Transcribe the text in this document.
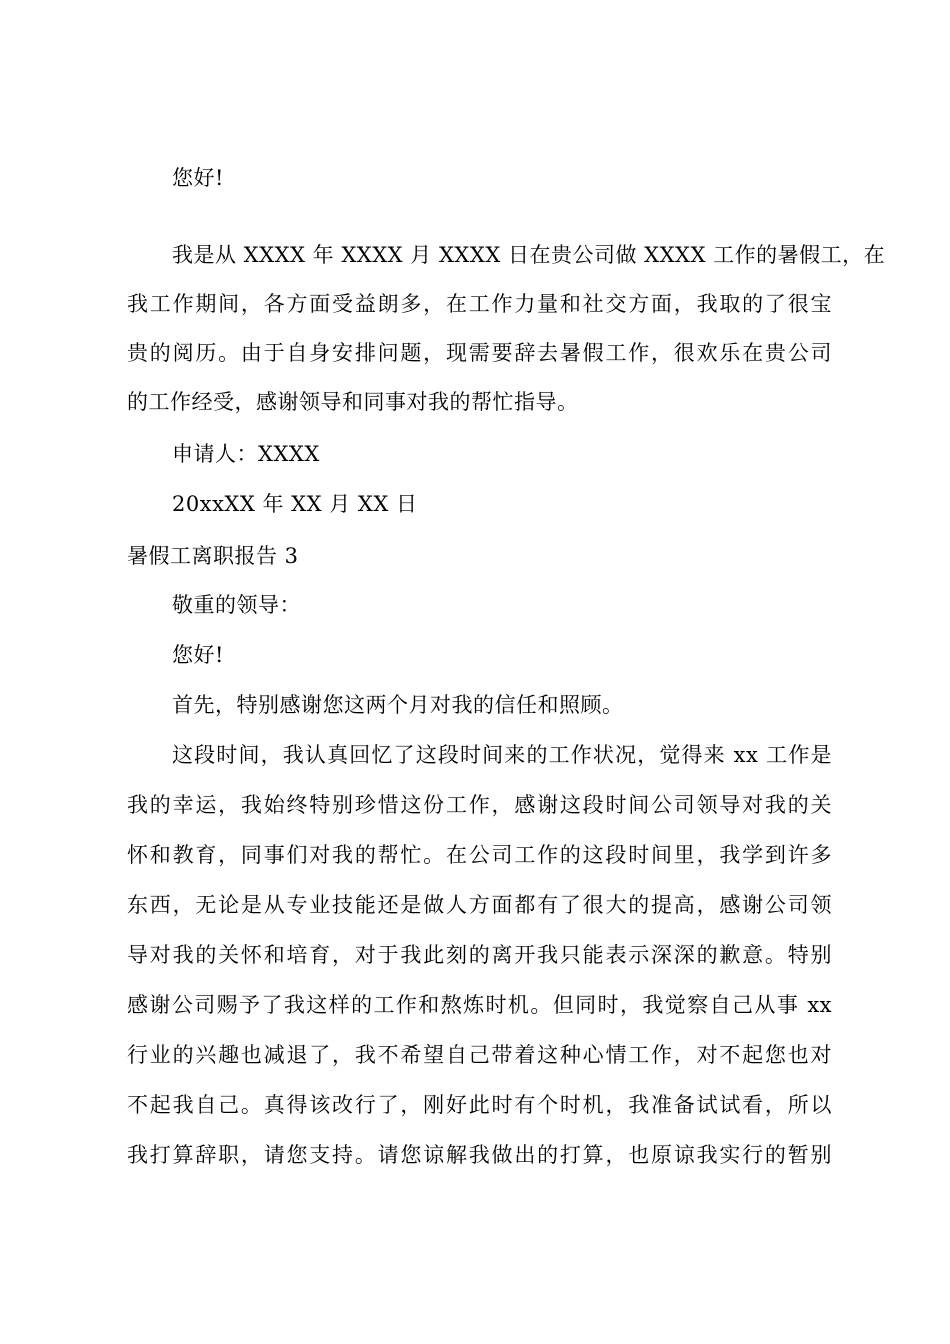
您好!
我是从 XXXX 年 XXXX 月 XXXX 日在贵公司做 XXXX 工作的暑假工，在
我工作期间，各方面受益朗多，在工作力量和社交方面，我取的了很宝
贵的阅历。由于自身安排问题，现需要辞去暑假工作，很欢乐在贵公司
的工作经受，感谢领导和同事对我的帮忙指导。
申请人：XXXX
20xxXX 年 XX 月 XX 日
暑假工离职报告 3
敬重的领导：
您好!
首先，特别感谢您这两个月对我的信任和照顾。
这段时间，我认真回忆了这段时间来的工作状况，觉得来 xx 工作是
我的幸运，我始终特别珍惜这份工作，感谢这段时间公司领导对我的关
怀和教育，同事们对我的帮忙。在公司工作的这段时间里，我学到许多
东西，无论是从专业技能还是做人方面都有了很大的提高，感谢公司领
导对我的关怀和培育，对于我此刻的离开我只能表示深深的歉意。特别
感谢公司赐予了我这样的工作和熬炼时机。但同时，我觉察自己从事 xx
行业的兴趣也减退了，我不希望自己带着这种心情工作，对不起您也对
不起我自己。真得该改行了，刚好此时有个时机，我准备试试看，所以
我打算辞职，请您支持。请您谅解我做出的打算，也原谅我实行的暂别
